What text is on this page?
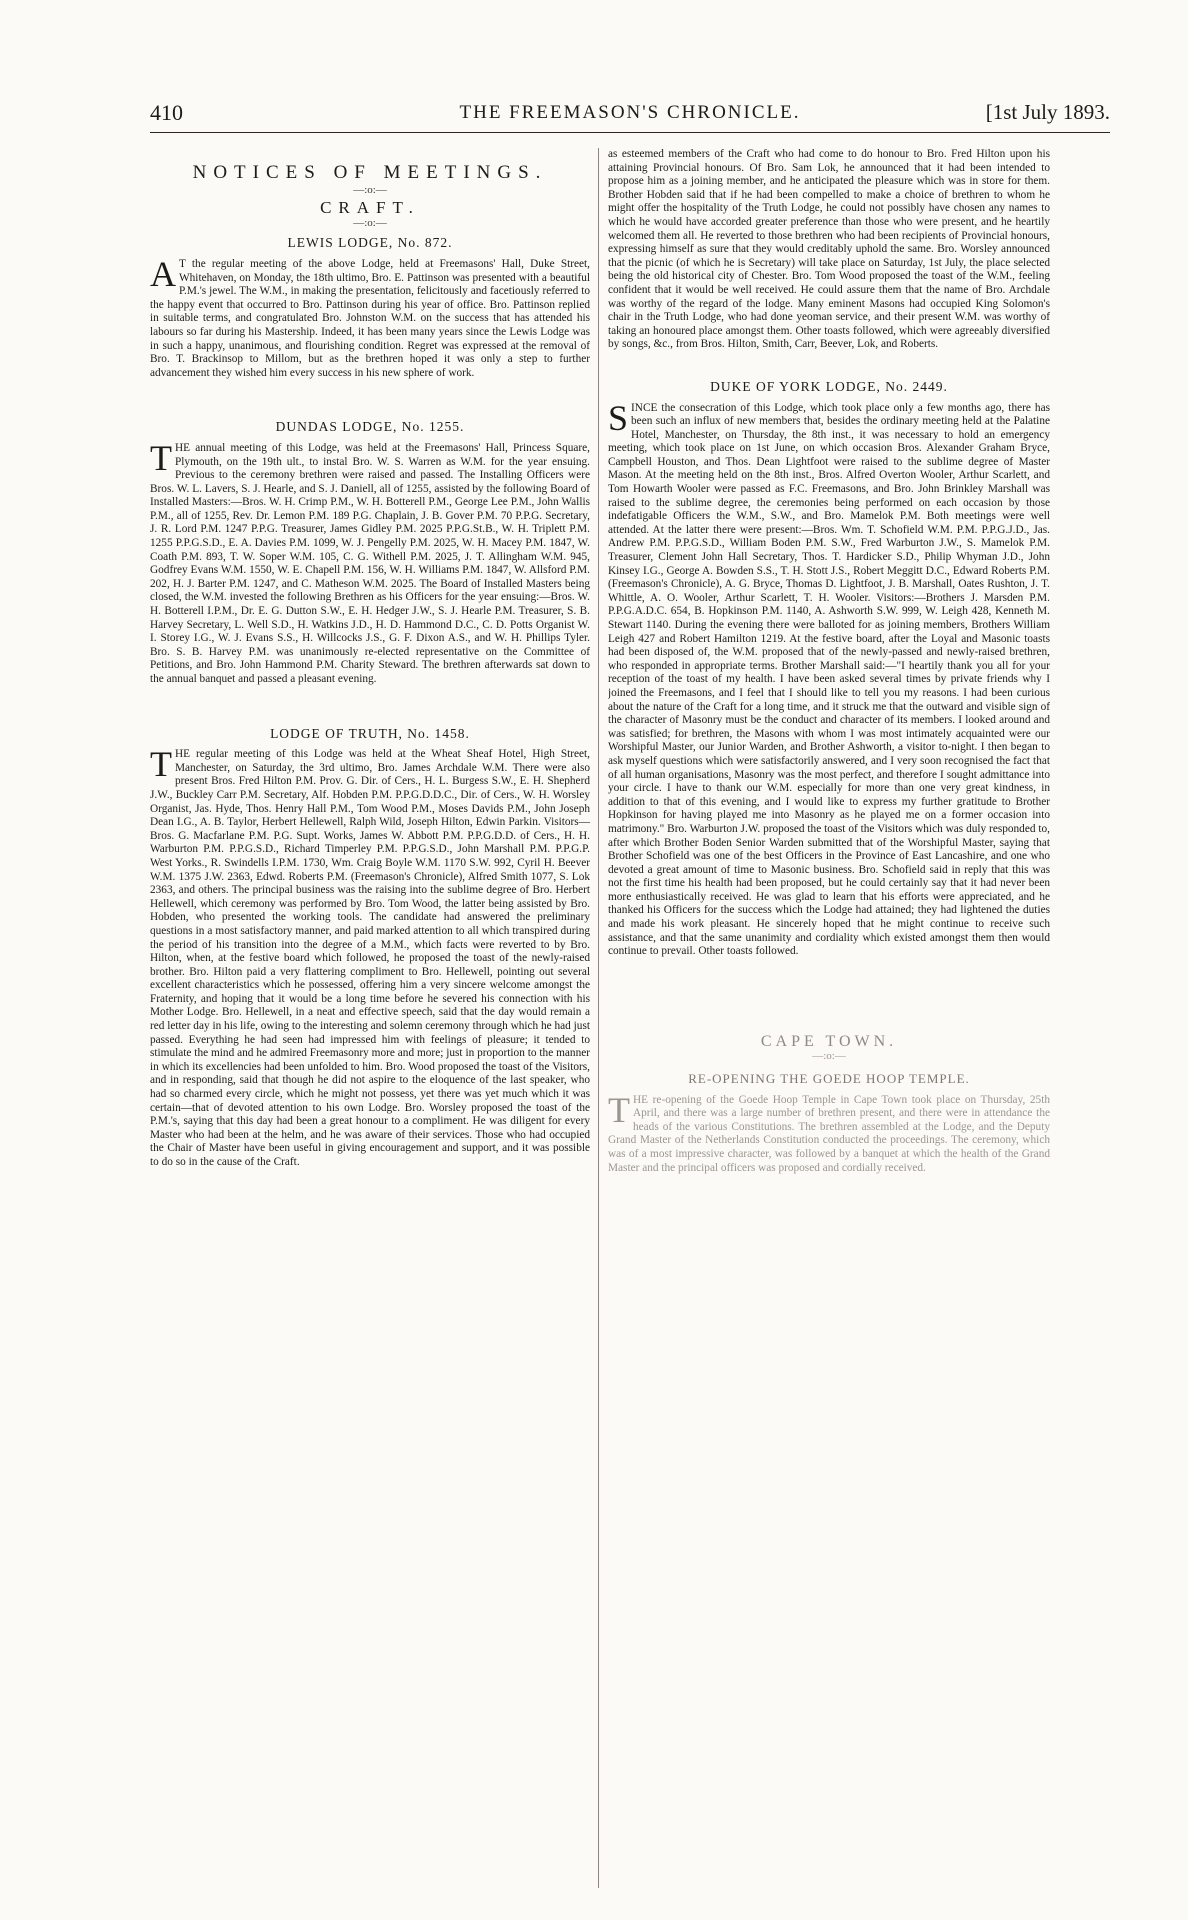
410	THE FREEMASON'S CHRONICLE.	[1st July 1893.
NOTICES OF MEETINGS.
—:o:—
CRAFT.
—:o:—
LEWIS LODGE, No. 872.

AT the regular meeting of the above Lodge, held at Freemasons' Hall, Duke Street, Whitehaven, on Monday, the 18th ultimo, Bro. E. Pattinson was presented with a beautiful P.M.'s jewel. The W.M., in making the presentation, felicitously and facetiously referred to the happy event that occurred to Bro. Pattinson during his year of office. Bro. Pattinson replied in suitable terms, and congratulated Bro. Johnston W.M. on the success that has attended his labours so far during his Mastership. Indeed, it has been many years since the Lewis Lodge was in such a happy, unanimous, and flourishing condition. Regret was expressed at the removal of Bro. T. Brackinsop to Millom, but as the brethren hoped it was only a step to further advancement they wished him every success in his new sphere of work.

DUNDAS LODGE, No. 1255.

THE annual meeting of this Lodge, was held at the Freemasons' Hall, Princess Square, Plymouth, on the 19th ult., to instal Bro. W. S. Warren as W.M. for the year ensuing. Previous to the ceremony brethren were raised and passed. The Installing Officers were Bros. W. L. Lavers, S. J. Hearle, and S. J. Daniell, all of 1255, assisted by the following Board of Installed Masters:—Bros. W. H. Crimp P.M., W. H. Botterell P.M., George Lee P.M., John Wallis P.M., all of 1255, Rev. Dr. Lemon P.M. 189 P.G. Chaplain, J. B. Gover P.M. 70 P.P.G. Secretary, J. R. Lord P.M. 1247 P.P.G. Treasurer, James Gidley P.M. 2025 P.P.G.St.B., W. H. Triplett P.M. 1255 P.P.G.S.D., E. A. Davies P.M. 1099, W. J. Pengelly P.M. 2025, W. H. Macey P.M. 1847, W. Coath P.M. 893, T. W. Soper W.M. 105, C. G. Withell P.M. 2025, J. T. Allingham W.M. 945, Godfrey Evans W.M. 1550, W. E. Chapell P.M. 156, W. H. Williams P.M. 1847, W. Allsford P.M. 202, H. J. Barter P.M. 1247, and C. Matheson W.M. 2025. The Board of Installed Masters being closed, the W.M. invested the following Brethren as his Officers for the year ensuing:—Bros. W. H. Botterell I.P.M., Dr. E. G. Dutton S.W., E. H. Hedger J.W., S. J. Hearle P.M. Treasurer, S. B. Harvey Secretary, L. Well S.D., H. Watkins J.D., H. D. Hammond D.C., C. D. Potts Organist W. I. Storey I.G., W. J. Evans S.S., H. Willcocks J.S., G. F. Dixon A.S., and W. H. Phillips Tyler. Bro. S. B. Harvey P.M. was unanimously re-elected representative on the Committee of Petitions, and Bro. John Hammond P.M. Charity Steward. The brethren afterwards sat down to the annual banquet and passed a pleasant evening.

LODGE OF TRUTH, No. 1458.

THE regular meeting of this Lodge was held at the Wheat Sheaf Hotel, High Street, Manchester, on Saturday, the 3rd ultimo, Bro. James Archdale W.M. There were also present Bros. Fred Hilton P.M. Prov. G. Dir. of Cers., H. L. Burgess S.W., E. H. Shepherd J.W., Buckley Carr P.M. Secretary, Alf. Hobden P.M. P.P.G.D.D.C., Dir. of Cers., W. H. Worsley Organist, Jas. Hyde, Thos. Henry Hall P.M., Tom Wood P.M., Moses Davids P.M., John Joseph Dean I.G., A. B. Taylor, Herbert Hellewell, Ralph Wild, Joseph Hilton, Edwin Parkin. Visitors—Bros. G. Macfarlane P.M. P.G. Supt. Works, James W. Abbott P.M. P.P.G.D.D. of Cers., H. H. Warburton P.M. P.P.G.S.D., Richard Timperley P.M. P.P.G.S.D., John Marshall P.M. P.P.G.P. West Yorks., R. Swindells I.P.M. 1730, Wm. Craig Boyle W.M. 1170 S.W. 992, Cyril H. Beever W.M. 1375 J.W. 2363, Edwd. Roberts P.M. (Freemason's Chronicle), Alfred Smith 1077, S. Lok 2363, and others. The principal business was the raising into the sublime degree of Bro. Herbert Hellewell, which ceremony was performed by Bro. Tom Wood, the latter being assisted by Bro. Hobden, who presented the working tools. The candidate had answered the preliminary questions in a most satisfactory manner, and paid marked attention to all which transpired during the period of his transition into the degree of a M.M., which facts were reverted to by Bro. Hilton, when, at the festive board which followed, he proposed the toast of the newly-raised brother. Bro. Hilton paid a very flattering compliment to Bro. Hellewell, pointing out several excellent characteristics which he possessed, offering him a very sincere welcome amongst the Fraternity, and hoping that it would be a long time before he severed his connection with his Mother Lodge. Bro. Hellewell, in a neat and effective speech, said that the day would remain a red letter day in his life, owing to the interesting and solemn ceremony through which he had just passed. Everything he had seen had impressed him with feelings of pleasure; it tended to stimulate the mind and he admired Freemasonry more and more; just in proportion to the manner in which its excellencies had been unfolded to him. Bro. Wood proposed the toast of the Visitors, and in responding, said that though he did not aspire to the eloquence of the last speaker, who had so charmed every circle, which he might not possess, yet there was yet much which it was certain—that of devoted attention to his own Lodge. Bro. Worsley proposed the toast of the P.M.'s, saying that this day had been a great honour to a compliment. He was diligent for every Master who had been at the helm, and he was aware of their services. Those who had occupied the Chair of Master have been useful in giving encouragement and support, and it was possible to do so in the cause of the Craft.

as esteemed members of the Craft who had come to do honour to Bro. Fred Hilton upon his attaining Provincial honours. Of Bro. Sam Lok, he announced that it had been intended to propose him as a joining member, and he anticipated the pleasure which was in store for them. Brother Hobden said that if he had been compelled to make a choice of brethren to whom he might offer the hospitality of the Truth Lodge, he could not possibly have chosen any names to which he would have accorded greater preference than those who were present, and he heartily welcomed them all. He reverted to those brethren who had been recipients of Provincial honours, expressing himself as sure that they would creditably uphold the same. Bro. Worsley announced that the picnic (of which he is Secretary) will take place on Saturday, 1st July, the place selected being the old historical city of Chester. Bro. Tom Wood proposed the toast of the W.M., feeling confident that it would be well received. He could assure them that the name of Bro. Archdale was worthy of the regard of the lodge. Many eminent Masons had occupied King Solomon's chair in the Truth Lodge, who had done yeoman service, and their present W.M. was worthy of taking an honoured place amongst them. Other toasts followed, which were agreeably diversified by songs, &c., from Bros. Hilton, Smith, Carr, Beever, Lok, and Roberts.

DUKE OF YORK LODGE, No. 2449.

SINCE the consecration of this Lodge, which took place only a few months ago, there has been such an influx of new members that, besides the ordinary meeting held at the Palatine Hotel, Manchester, on Thursday, the 8th inst., it was necessary to hold an emergency meeting, which took place on 1st June, on which occasion Bros. Alexander Graham Bryce, Campbell Houston, and Thos. Dean Lightfoot were raised to the sublime degree of Master Mason. At the meeting held on the 8th inst., Bros. Alfred Overton Wooler, Arthur Scarlett, and Tom Howarth Wooler were passed as F.C. Freemasons, and Bro. John Brinkley Marshall was raised to the sublime degree, the ceremonies being performed on each occasion by those indefatigable Officers the W.M., S.W., and Bro. Mamelok P.M. Both meetings were well attended. At the latter there were present:—Bros. Wm. T. Schofield W.M. P.M. P.P.G.J.D., Jas. Andrew P.M. P.P.G.S.D., William Boden P.M. S.W., Fred Warburton J.W., S. Mamelok P.M. Treasurer, Clement John Hall Secretary, Thos. T. Hardicker S.D., Philip Whyman J.D., John Kinsey I.G., George A. Bowden S.S., T. H. Stott J.S., Robert Meggitt D.C., Edward Roberts P.M. (Freemason's Chronicle), A. G. Bryce, Thomas D. Lightfoot, J. B. Marshall, Oates Rushton, J. T. Whittle, A. O. Wooler, Arthur Scarlett, T. H. Wooler. Visitors:—Brothers J. Marsden P.M. P.P.G.A.D.C. 654, B. Hopkinson P.M. 1140, A. Ashworth S.W. 999, W. Leigh 428, Kenneth M. Stewart 1140. During the evening there were balloted for as joining members, Brothers William Leigh 427 and Robert Hamilton 1219. At the festive board, after the Loyal and Masonic toasts had been disposed of, the W.M. proposed that of the newly-passed and newly-raised brethren, who responded in appropriate terms. Brother Marshall said:—"I heartily thank you all for your reception of the toast of my health. I have been asked several times by private friends why I joined the Freemasons, and I feel that I should like to tell you my reasons. I had been curious about the nature of the Craft for a long time, and it struck me that the outward and visible sign of the character of Masonry must be the conduct and character of its members. I looked around and was satisfied; for brethren, the Masons with whom I was most intimately acquainted were our Worshipful Master, our Junior Warden, and Brother Ashworth, a visitor to-night. I then began to ask myself questions which were satisfactorily answered, and I very soon recognised the fact that of all human organisations, Masonry was the most perfect, and therefore I sought admittance into your circle. I have to thank our W.M. especially for more than one very great kindness, in addition to that of this evening, and I would like to express my further gratitude to Brother Hopkinson for having played me into Masonry as he played me on a former occasion into matrimony." Bro. Warburton J.W. proposed the toast of the Visitors which was duly responded to, after which Brother Boden Senior Warden submitted that of the Worshipful Master, saying that Brother Schofield was one of the best Officers in the Province of East Lancashire, and one who devoted a great amount of time to Masonic business. Bro. Schofield said in reply that this was not the first time his health had been proposed, but he could certainly say that it had never been more enthusiastically received. He was glad to learn that his efforts were appreciated, and he thanked his Officers for the success which the Lodge had attained; they had lightened the duties and made his work pleasant. He sincerely hoped that he might continue to receive such assistance, and that the same unanimity and cordiality which existed amongst them then would continue to prevail. Other toasts followed.

CAPE TOWN.
—:o:—
RE-OPENING THE GOEDE HOOP TEMPLE.

THE re-opening of the Goede Hoop Temple in Cape Town took place on Thursday, 25th April, and there was a large number of brethren present, and there were in attendance the heads of the various Constitutions. The brethren assembled at the Lodge, and the Deputy Grand Master of the Netherlands Constitution conducted the proceedings. The ceremony, which was of a most impressive character, was followed by a banquet at which the health of the Grand Master and the principal officers was proposed and cordially received.
